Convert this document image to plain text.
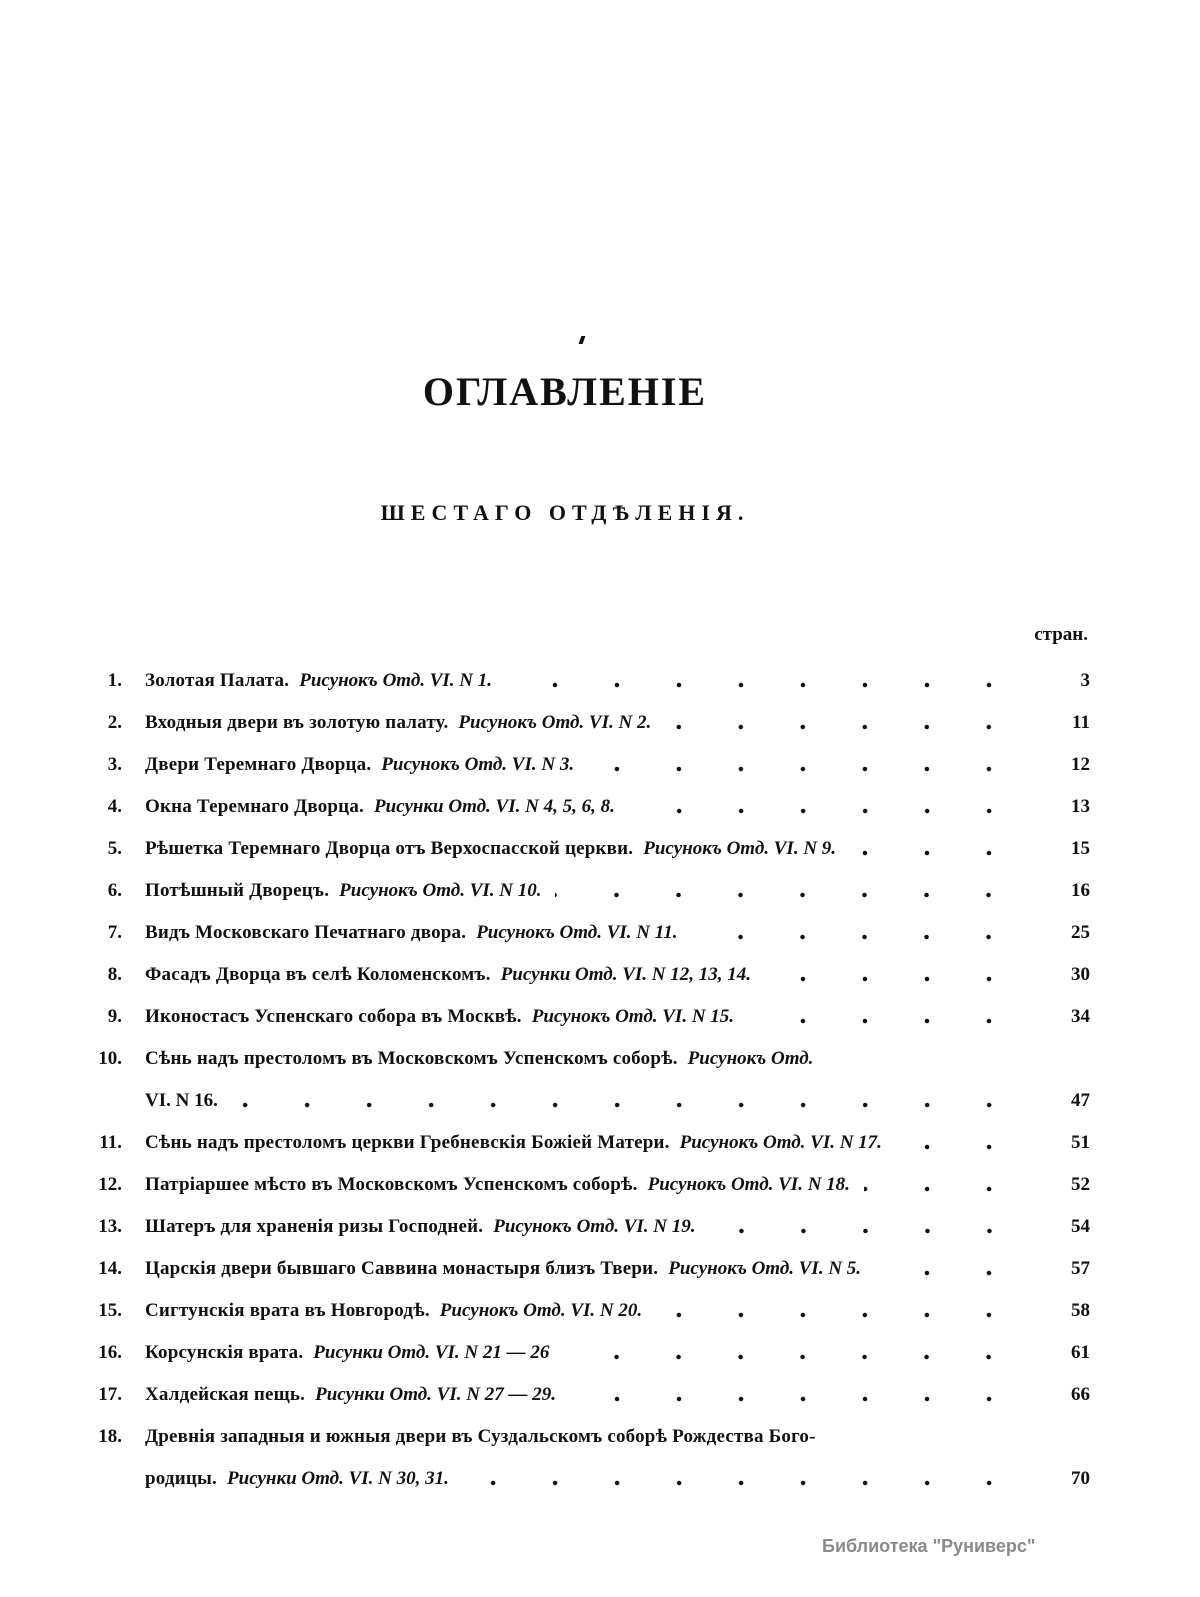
ОГЛАВЛЕНІЕ
ШЕСТАГО ОТДѢЛЕНІЯ.
стран.
1. Золотая Палата. Рисунокъ Отд. VI. N 1.	3
2. Входныя двери въ золотую палату. Рисунокъ Отд. VI. N 2.	11
3. Двери Теремнаго Дворца. Рисунокъ Отд. VI. N 3.	12
4. Окна Теремнаго Дворца. Рисунки Отд. VI. N 4, 5, 6, 8.	13
5. Рѣшетка Теремнаго Дворца отъ Верхоспасской церкви. Рисунокъ Отд. VI. N 9.	15
6. Потѣшный Дворецъ. Рисунокъ Отд. VI. N 10.	16
7. Видъ Московскаго Печатнаго двора. Рисунокъ Отд. VI. N 11.	25
8. Фасадъ Дворца въ селѣ Коломенскомъ. Рисунки Отд. VI. N 12, 13, 14.	30
9. Иконостасъ Успенскаго собора въ Москвѣ. Рисунокъ Отд. VI. N 15.	34
10. Сѣнь надъ престоломъ въ Московскомъ Успенскомъ соборѣ. Рисунокъ Отд.
VI. N 16.	47
11. Сѣнь надъ престоломъ церкви Гребневскія Божіей Матери. Рисунокъ Отд. VI. N 17.	51
12. Патріаршее мѣсто въ Московскомъ Успенскомъ соборѣ. Рисунокъ Отд. VI. N 18.	52
13. Шатеръ для храненія ризы Господней. Рисунокъ Отд. VI. N 19.	54
14. Царскія двери бывшаго Саввина монастыря близъ Твери. Рисунокъ Отд. VI. N 5.	57
15. Сигтунскія врата въ Новгородѣ. Рисунокъ Отд. VI. N 20.	58
16. Корсунскія врата. Рисунки Отд. VI. N 21 — 26	61
17. Халдейская пещь. Рисунки Отд. VI. N 27 — 29.	66
18. Древнія западныя и южныя двери въ Суздальскомъ соборѣ Рождества Бого-
родицы. Рисунки Отд. VI. N 30, 31.	70
Библиотека "Руниверс"
